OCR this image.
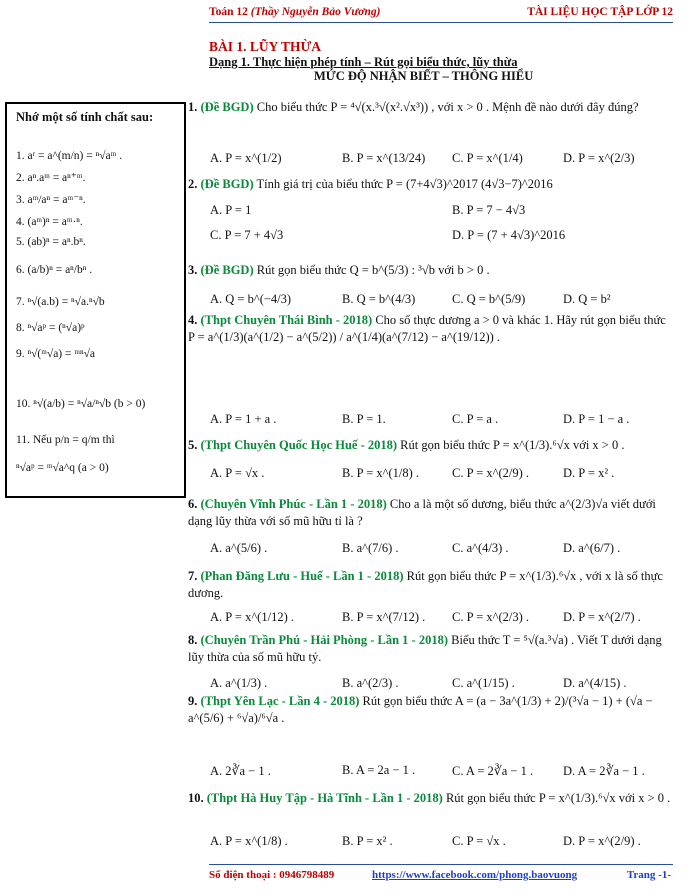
Toán 12 (Thầy Nguyễn Bảo Vương)	TÀI LIỆU HỌC TẬP LỚP 12
BÀI 1. LŨY THỪA
Dạng 1. Thực hiện phép tính – Rút gọi biểu thức, lũy thừa
MỨC ĐỘ NHẬN BIẾT – THÔNG HIỂU
Nhớ một số tính chất sau:
1. aʳ = a^(m/n) = ⁿ√aᵐ .
2. aⁿ.aᵐ = aⁿ⁺ᵐ.
3. aᵐ/aⁿ = aᵐ⁻ⁿ.
4. (aᵐ)ⁿ = aᵐ·ⁿ.
5. (ab)ⁿ = aⁿ.bⁿ.
6. (a/b)ⁿ = aⁿ/bⁿ .
7. ⁿ√(a.b) = ⁿ√a.ⁿ√b
8. ⁿ√aᵖ = (ⁿ√a)ᵖ
9. ⁿ√(ᵐ√a) = ᵐⁿ√a
10. ⁿ√(a/b) = ⁿ√a/ⁿ√b (b > 0)
11. Nếu p/n = q/m thì
ⁿ√aᵖ = ᵐ√a^q (a > 0)
1. (Đề BGD) Cho biểu thức P = ⁴√(x.³√(x².√x³)) , với x > 0 . Mệnh đề nào dưới đây đúng?
A. P = x^(1/2)	B. P = x^(13/24) C. P = x^(1/4)	D. P = x^(2/3)
2. (Đề BGD) Tính giá trị của biểu thức P = (7+4√3)^2017 (4√3−7)^2016
A. P = 1	B. P = 7 − 4√3
C. P = 7 + 4√3	D. P = (7 + 4√3)^2016
3. (Đề BGD) Rút gọn biểu thức Q = b^(5/3) : ³√b với b > 0 .
A. Q = b^(−4/3)	B. Q = b^(4/3)	C. Q = b^(5/9)	D. Q = b²
4. (Thpt Chuyên Thái Bình - 2018) Cho số thực dương a > 0 và khác 1. Hãy rút gọn biểu thức P = a^(1/3)(a^(1/2) − a^(5/2)) / a^(1/4)(a^(7/12) − a^(19/12)) .
A. P = 1 + a .	B. P = 1.	C. P = a .	D. P = 1 − a .
5. (Thpt Chuyên Quốc Học Huế - 2018) Rút gọn biểu thức P = x^(1/3).⁶√x với x > 0 .
A. P = √x .	B. P = x^(1/8) .	C. P = x^(2/9) .	D. P = x² .
6. (Chuyên Vĩnh Phúc - Lần 1 - 2018) Cho a là một số dương, biểu thức a^(2/3)√a viết dưới dạng lũy thừa với số mũ hữu tỉ là ?
A. a^(5/6) .	B. a^(7/6) .	C. a^(4/3) .	D. a^(6/7) .
7. (Phan Đăng Lưu - Huế - Lần 1 - 2018) Rút gọn biểu thức P = x^(1/3).⁶√x , với x là số thực dương.
A. P = x^(1/12) .	B. P = x^(7/12) . C. P = x^(2/3) .	D. P = x^(2/7) .
8. (Chuyên Trần Phú - Hải Phòng - Lần 1 - 2018) Biểu thức T = ⁵√(a.³√a) . Viết T dưới dạng lũy thừa của số mũ hữu tỷ.
A. a^(1/3) .	B. a^(2/3) .	C. a^(1/15) .	D. a^(4/15) .
9. (Thpt Yên Lạc - Lần 4 - 2018) Rút gọn biểu thức A = (a − 3a^(1/3) + 2)/(³√a − 1) + (√a − a^(5/6) + ⁶√a)/⁶√a .
A. 2∛a − 1 .	B. A = 2a − 1 .	C. A = 2∛a − 1 . D. A = 2∛a − 1 .
10. (Thpt Hà Huy Tập - Hà Tĩnh - Lần 1 - 2018) Rút gọn biểu thức P = x^(1/3).⁶√x với x > 0 .
A. P = x^(1/8) .	B. P = x² .	C. P = √x .	D. P = x^(2/9) .
Số điện thoại : 0946798489	https://www.facebook.com/phong.baovuong	Trang -1-
